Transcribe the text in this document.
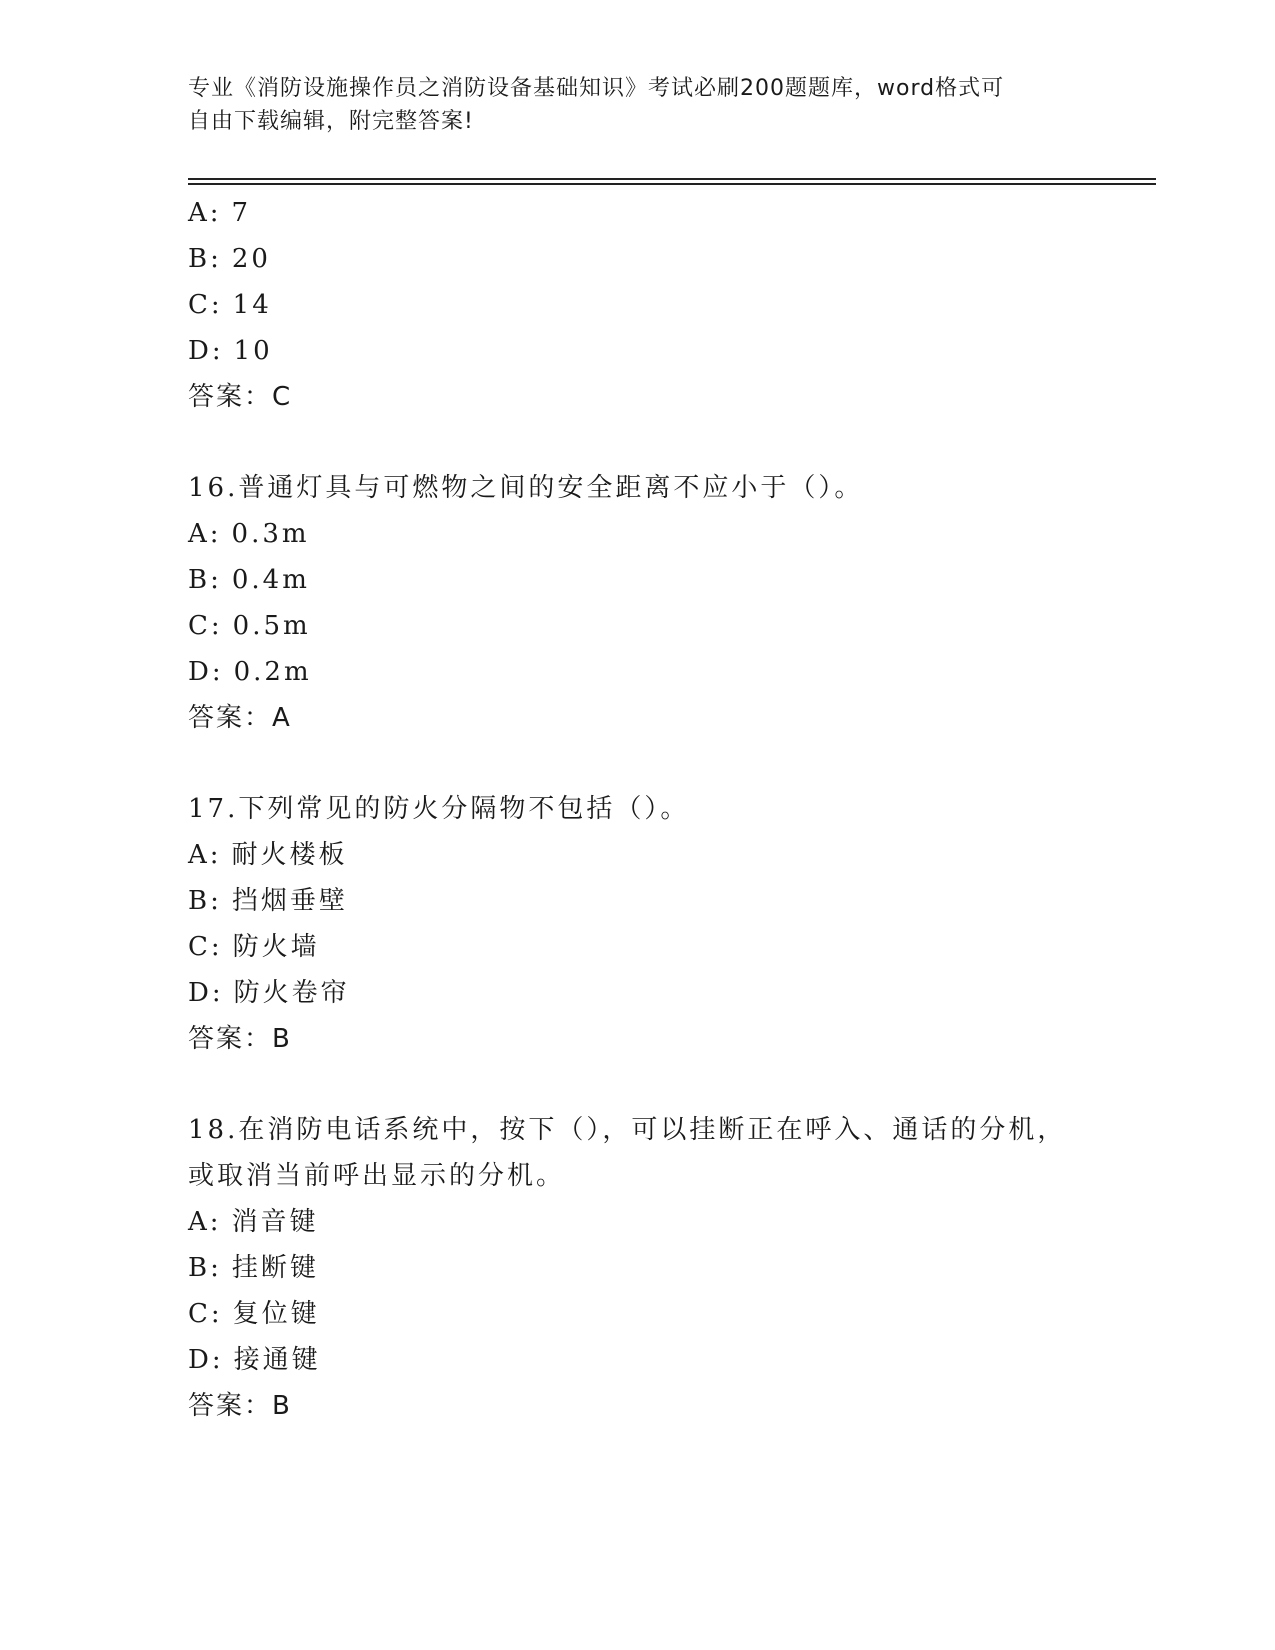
专业《消防设施操作员之消防设备基础知识》考试必刷200题题库，word格式可
自由下载编辑，附完整答案!
A: 7
B: 20
C: 14
D: 10
答案：C
16.普通灯具与可燃物之间的安全距离不应小于（）。
A: 0.3m
B: 0.4m
C: 0.5m
D: 0.2m
答案：A
17.下列常见的防火分隔物不包括（）。
A: 耐火楼板
B: 挡烟垂壁
C: 防火墙
D: 防火卷帘
答案：B
18.在消防电话系统中，按下（），可以挂断正在呼入、通话的分机，
或取消当前呼出显示的分机。
A: 消音键
B: 挂断键
C: 复位键
D: 接通键
答案：B
